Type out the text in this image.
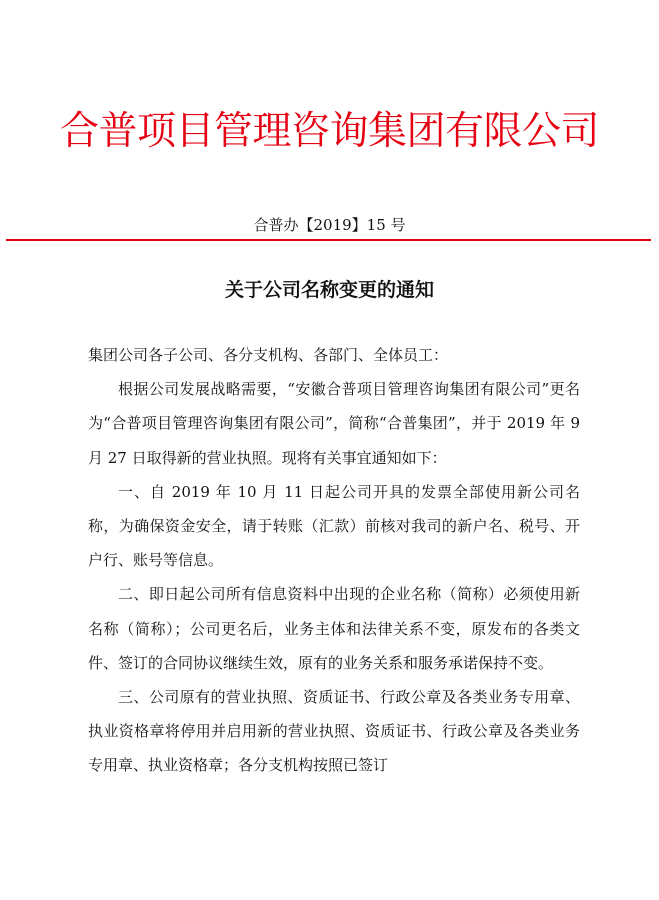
合普项目管理咨询集团有限公司
合普办【2019】15 号
关于公司名称变更的通知

集团公司各子公司、各分支机构、各部门、全体员工：

根据公司发展战略需要，“安徽合普项目管理咨询集团有限公司”更名为“合普项目管理咨询集团有限公司”，简称“合普集团”，并于 2019 年 9 月 27 日取得新的营业执照。现将有关事宜通知如下：

一、自 2019 年 10 月 11 日起公司开具的发票全部使用新公司名称，为确保资金安全，请于转账（汇款）前核对我司的新户名、税号、开户行、账号等信息。

二、即日起公司所有信息资料中出现的企业名称（简称）必须使用新名称（简称）；公司更名后，业务主体和法律关系不变，原发布的各类文件、签订的合同协议继续生效，原有的业务关系和服务承诺保持不变。

三、公司原有的营业执照、资质证书、行政公章及各类业务专用章、执业资格章将停用并启用新的营业执照、资质证书、行政公章及各类业务专用章、执业资格章；各分支机构按照已签订
